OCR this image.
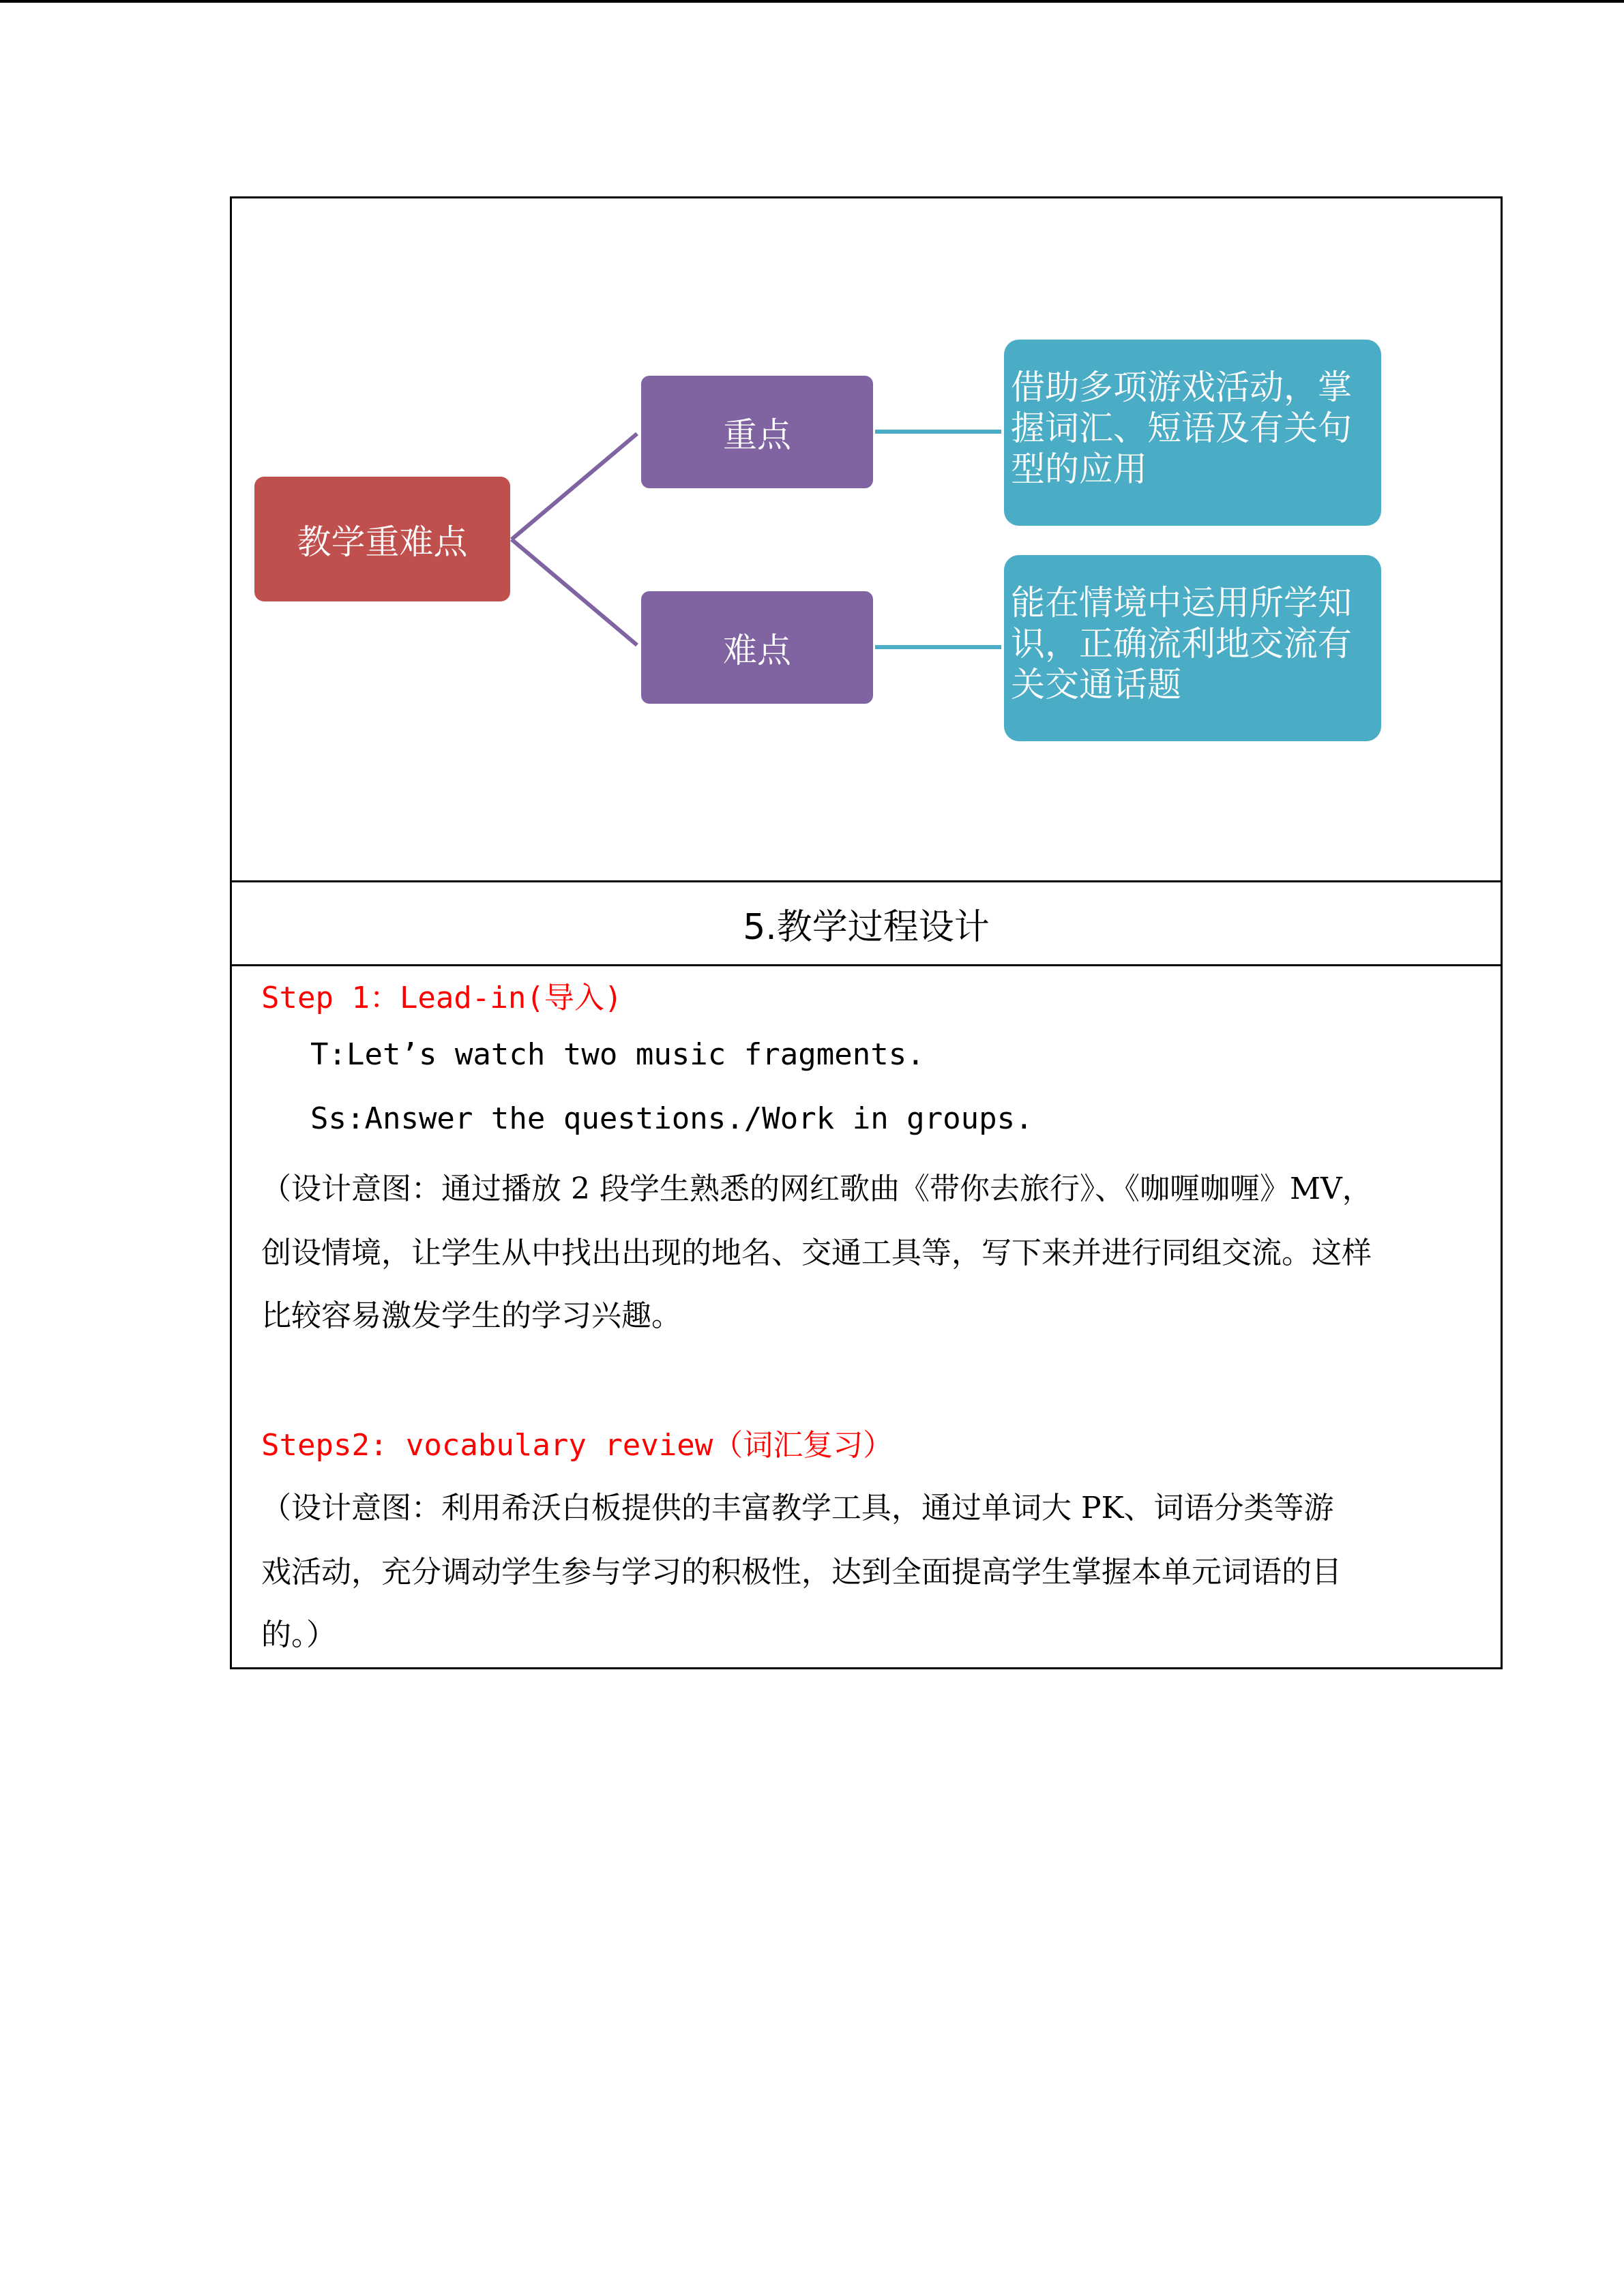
教学重难点
重点
难点
借助多项游戏活动，掌
握词汇、短语及有关句
型的应用
能在情境中运用所学知
识，正确流利地交流有
关交通话题
5.教学过程设计
Step 1：Lead-in(导入)
T:Let’s watch two music fragments.
Ss:Answer the questions./Work in groups.
（设计意图：通过播放 2 段学生熟悉的网红歌曲《带你去旅行》、《咖喱咖喱》MV，
创设情境，让学生从中找出出现的地名、交通工具等，写下来并进行同组交流。这样
比较容易激发学生的学习兴趣。
Steps2: vocabulary review（词汇复习）
（设计意图：利用希沃白板提供的丰富教学工具，通过单词大 PK、词语分类等游
戏活动，充分调动学生参与学习的积极性，达到全面提高学生掌握本单元词语的目
的。）
